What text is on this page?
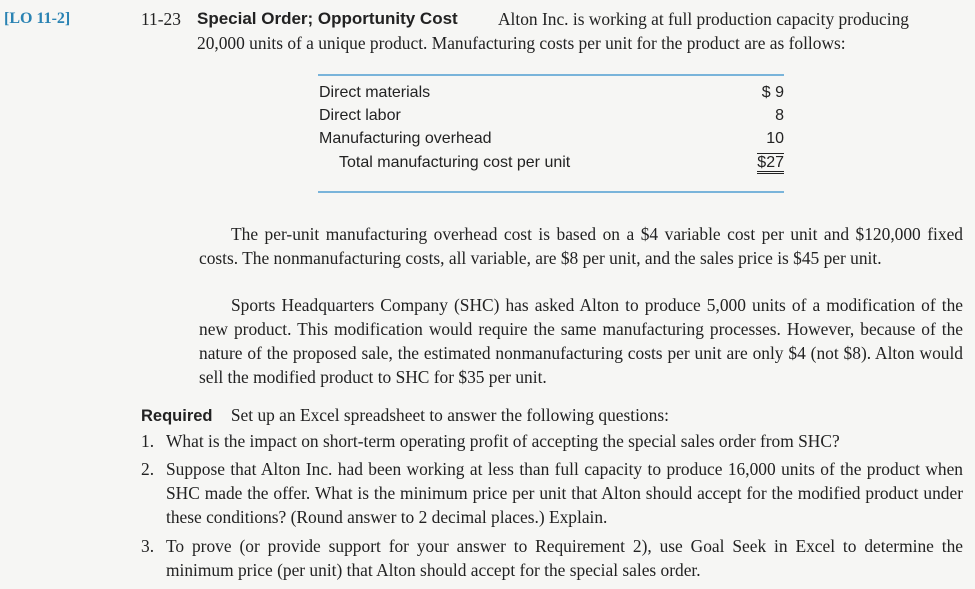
[LO 11-2]	11-23 Special Order; Opportunity Cost Alton Inc. is working at full production capacity producing
20,000 units of a unique product. Manufacturing costs per unit for the product are as follows:
Direct materials	$ 9
Direct labor	8
Manufacturing overhead	10
Total manufacturing cost per unit	$27
The per-unit manufacturing overhead cost is based on a $4 variable cost per unit and $120,000 fixed costs. The nonmanufacturing costs, all variable, are $8 per unit, and the sales price is $45 per unit.
Sports Headquarters Company (SHC) has asked Alton to produce 5,000 units of a modification of the new product. This modification would require the same manufacturing processes. However, because of the nature of the proposed sale, the estimated nonmanufacturing costs per unit are only $4 (not $8). Alton would sell the modified product to SHC for $35 per unit.
Required Set up an Excel spreadsheet to answer the following questions:
1. What is the impact on short-term operating profit of accepting the special sales order from SHC?
2. Suppose that Alton Inc. had been working at less than full capacity to produce 16,000 units of the product when SHC made the offer. What is the minimum price per unit that Alton should accept for the modified product under these conditions? (Round answer to 2 decimal places.) Explain.
3. To prove (or provide support for your answer to Requirement 2), use Goal Seek in Excel to determine the minimum price (per unit) that Alton should accept for the special sales order.
